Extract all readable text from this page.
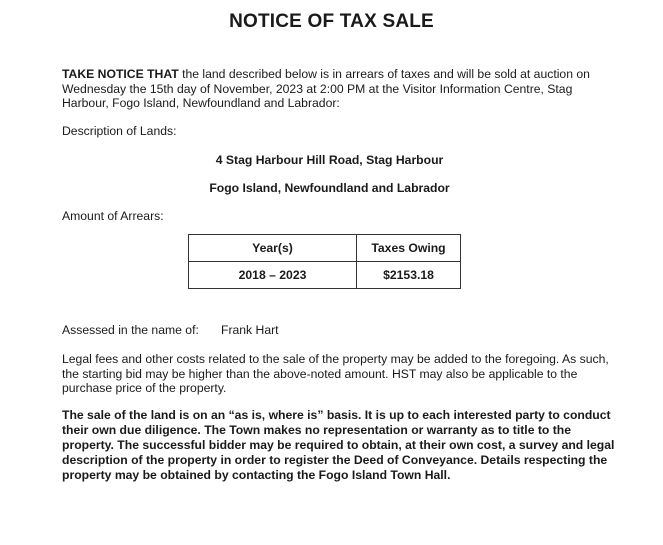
NOTICE OF TAX SALE
TAKE NOTICE THAT the land described below is in arrears of taxes and will be sold at auction on Wednesday the 15th day of November, 2023 at 2:00 PM at the Visitor Information Centre, Stag Harbour, Fogo Island, Newfoundland and Labrador:
Description of Lands:
4 Stag Harbour Hill Road, Stag Harbour
Fogo Island, Newfoundland and Labrador
Amount of Arrears:
Year(s)	Taxes Owing
2018 – 2023	$2153.18
Assessed in the name of: Frank Hart
Legal fees and other costs related to the sale of the property may be added to the foregoing. As such, the starting bid may be higher than the above-noted amount. HST may also be applicable to the purchase price of the property.
The sale of the land is on an “as is, where is” basis. It is up to each interested party to conduct their own due diligence. The Town makes no representation or warranty as to title to the property. The successful bidder may be required to obtain, at their own cost, a survey and legal description of the property in order to register the Deed of Conveyance. Details respecting the property may be obtained by contacting the Fogo Island Town Hall.
